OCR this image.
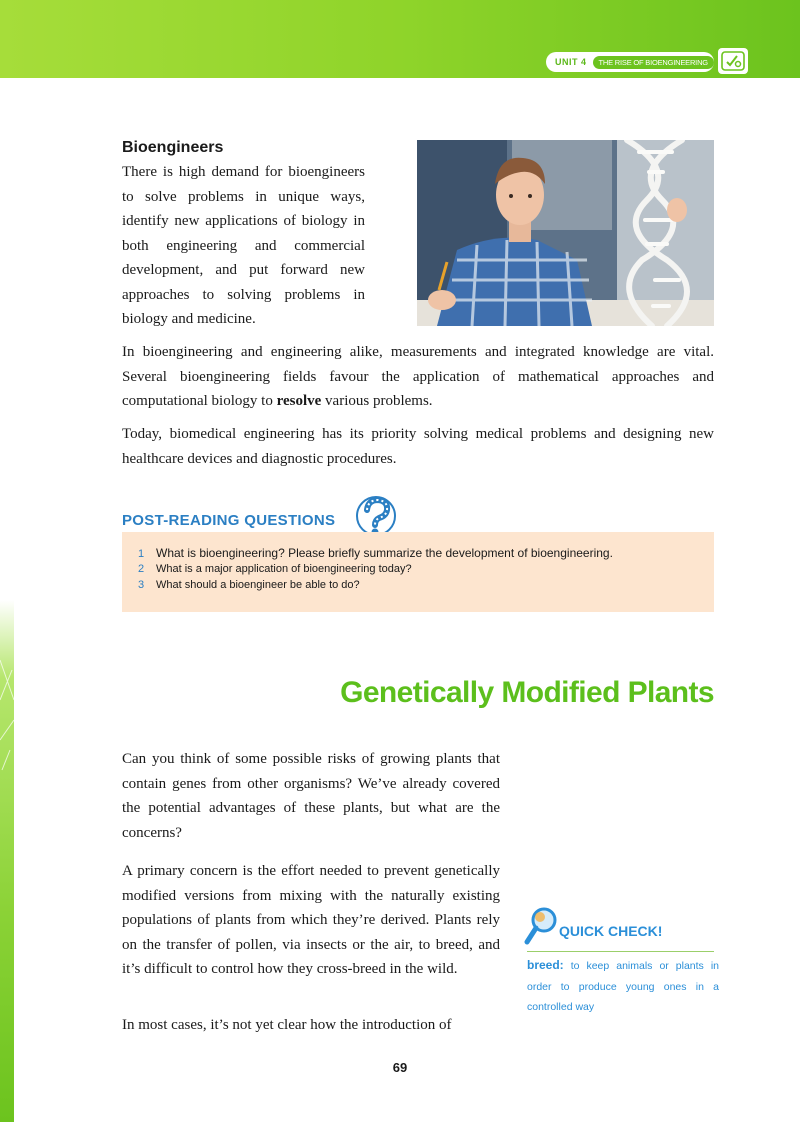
UNIT 4	THE RISE OF BIOENGINEERING
Bioengineers

There is high demand for bioengineers to solve problems in unique ways, identify new applications of biology in both engineering and commercial development, and put forward new approaches to solving problems in biology and medicine.

In bioengineering and engineering alike, measurements and integrated knowledge are vital. Several bioengineering fields favour the application of mathematical approaches and computational biology to resolve various problems.

Today, biomedical engineering has its priority solving medical problems and designing new healthcare devices and diagnostic procedures.

POST-READING QUESTIONS
1 What is bioengineering? Please briefly summarize the development of bioengineering.
2	What is a major application of bioengineering today?
3	What should a bioengineer be able to do?
Genetically Modified Plants

Can you think of some possible risks of growing plants that contain genes from other organisms? We’ve already covered the potential advantages of these plants, but what are the concerns?

A primary concern is the effort needed to prevent genetically modified versions from mixing with the naturally existing populations of plants from which they’re derived. Plants rely on the transfer of pollen, via insects or the air, to breed, and it’s difficult to control how they cross-breed in the wild.

In most cases, it’s not yet clear how the introduction of

QUICK CHECK!

breed: to keep animals or plants in order to produce young ones in a controlled way

69
